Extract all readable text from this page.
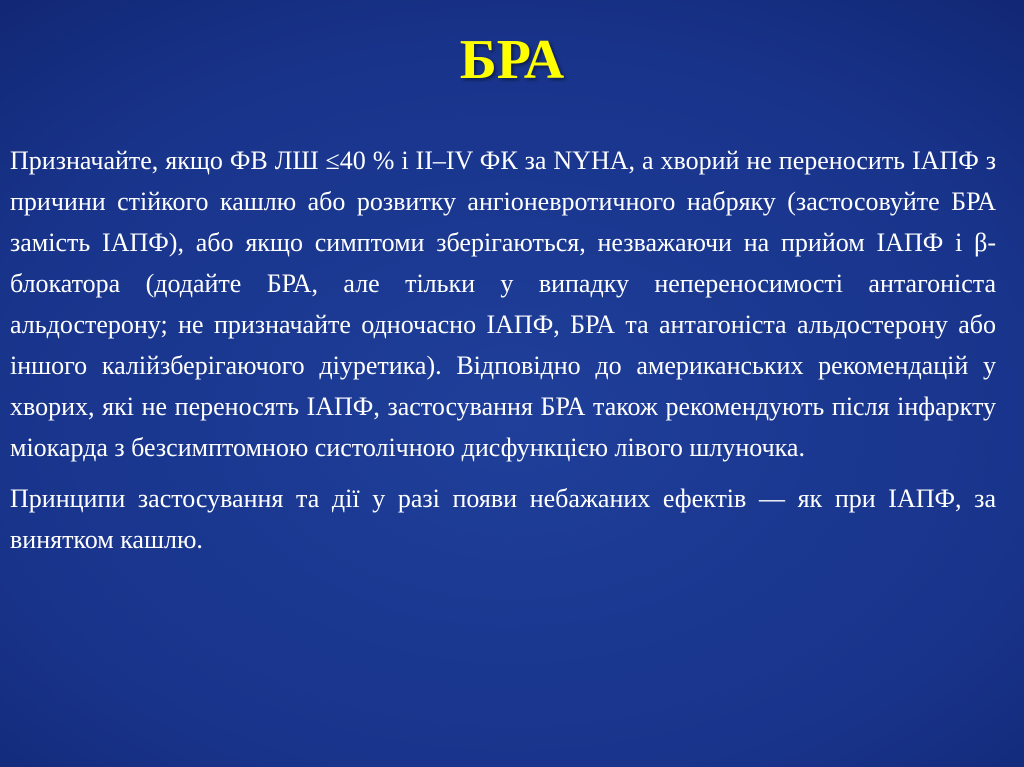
БРА

Призначайте, якщо ФВ ЛШ ≤40 % і II–IV ФК за NYHA, а хворий не переносить ІАПФ з причини стійкого кашлю або розвитку ангіоневротичного набряку (застосовуйте БРА замість ІАПФ), або якщо симптоми зберігаються, незважаючи на прийом ІАПФ і β-блокатора (додайте БРА, але тільки у випадку непереносимості антагоніста альдостерону; не призначайте одночасно ІАПФ, БРА та антагоніста альдостерону або іншого калійзберігаючого діуретика). Відповідно до американських рекомендацій у хворих, які не переносять ІАПФ, застосування БРА також рекомендують після інфаркту міокарда з безсимптомною систолічною дисфункцією лівого шлуночка.

Принципи застосування та дії у разі появи небажаних ефектів — як при ІАПФ, за винятком кашлю.
